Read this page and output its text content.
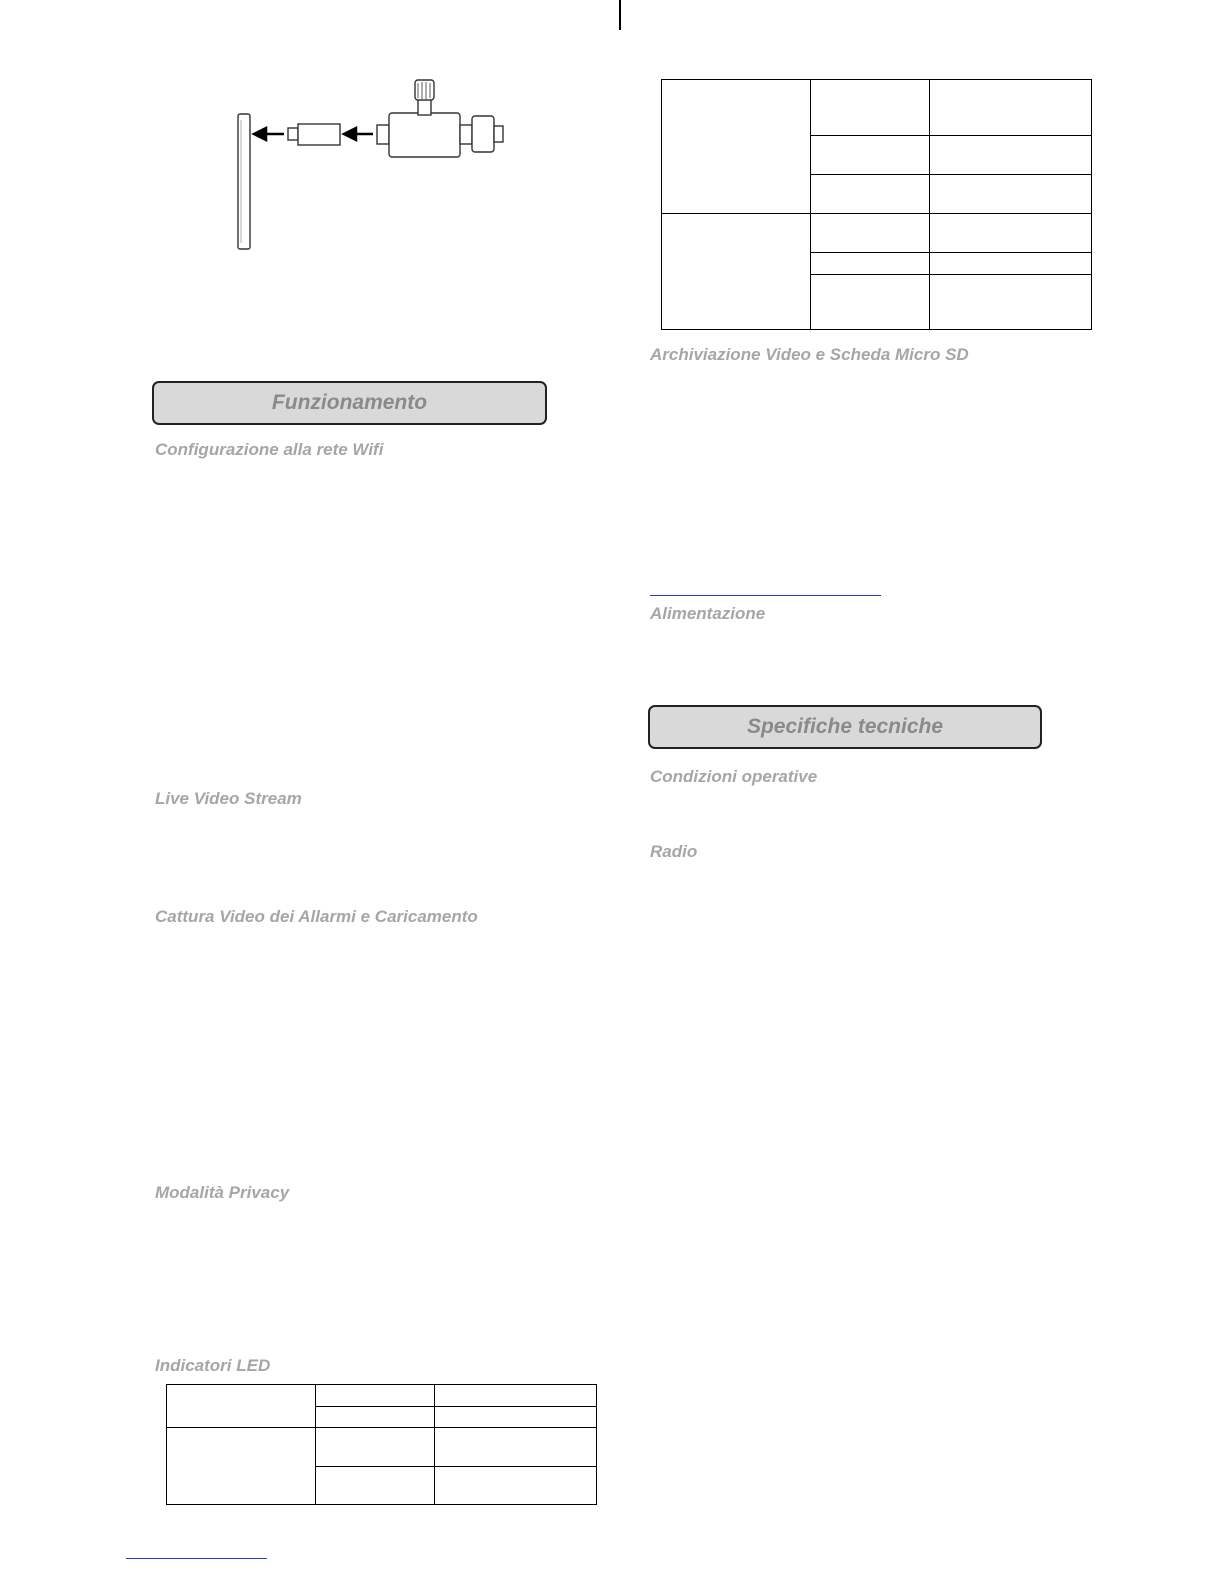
Funzionamento
Configurazione alla rete Wifi
Live Video Stream
Cattura Video dei Allarmi e Caricamento
Modalità Privacy
Indicatori LED

Archiviazione Video e Scheda Micro SD
Alimentazione
Specifiche tecniche
Condizioni operative
Radio
